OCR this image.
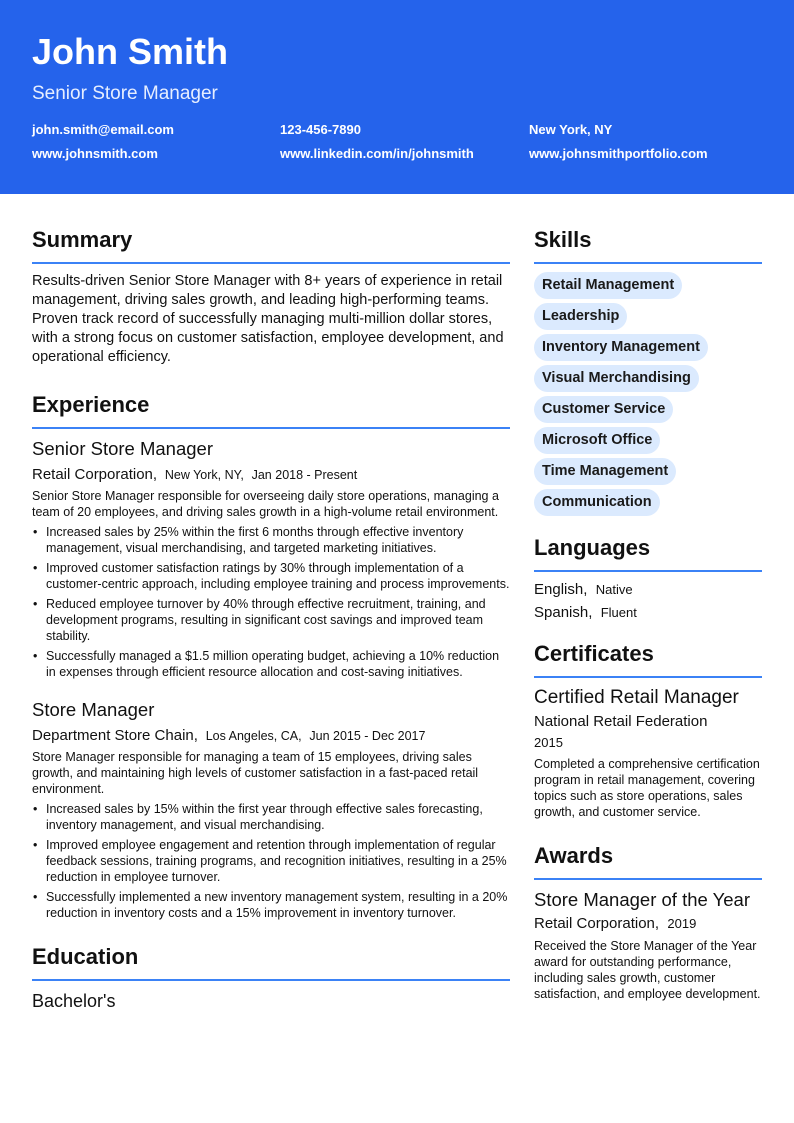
John Smith
Senior Store Manager
john.smith@email.com	123-456-7890	New York, NY
www.johnsmith.com	www.linkedin.com/in/johnsmith	www.johnsmithportfolio.com
Summary

Results-driven Senior Store Manager with 8+ years of experience in retail management, driving sales growth, and leading high-performing teams. Proven track record of successfully managing multi-million dollar stores, with a strong focus on customer satisfaction, employee development, and operational efficiency.

Experience
Senior Store Manager
Retail Corporation, New York, NY, Jan 2018 - Present

Senior Store Manager responsible for overseeing daily store operations, managing a team of 20 employees, and driving sales growth in a high-volume retail environment.

• Increased sales by 25% within the first 6 months through effective inventory management, visual merchandising, and targeted marketing initiatives.
• Improved customer satisfaction ratings by 30% through implementation of a customer-centric approach, including employee training and process improvements.
• Reduced employee turnover by 40% through effective recruitment, training, and development programs, resulting in significant cost savings and improved team stability.
• Successfully managed a $1.5 million operating budget, achieving a 10% reduction in expenses through efficient resource allocation and cost-saving initiatives.
Store Manager
Department Store Chain, Los Angeles, CA, Jun 2015 - Dec 2017

Store Manager responsible for managing a team of 15 employees, driving sales growth, and maintaining high levels of customer satisfaction in a fast-paced retail environment.

• Increased sales by 15% within the first year through effective sales forecasting, inventory management, and visual merchandising.
• Improved employee engagement and retention through implementation of regular feedback sessions, training programs, and recognition initiatives, resulting in a 25% reduction in employee turnover.
• Successfully implemented a new inventory management system, resulting in a 20% reduction in inventory costs and a 15% improvement in inventory turnover.
Education
Bachelor's
Skills
Retail Management
Leadership
Inventory Management
Visual Merchandising
Customer Service
Microsoft Office
Time Management
Communication
Languages
English, Native
Spanish, Fluent
Certificates
Certified Retail Manager
National Retail Federation
2015

Completed a comprehensive certification program in retail management, covering topics such as store operations, sales growth, and customer service.

Awards
Store Manager of the Year
Retail Corporation, 2019

Received the Store Manager of the Year award for outstanding performance, including sales growth, customer satisfaction, and employee development.
